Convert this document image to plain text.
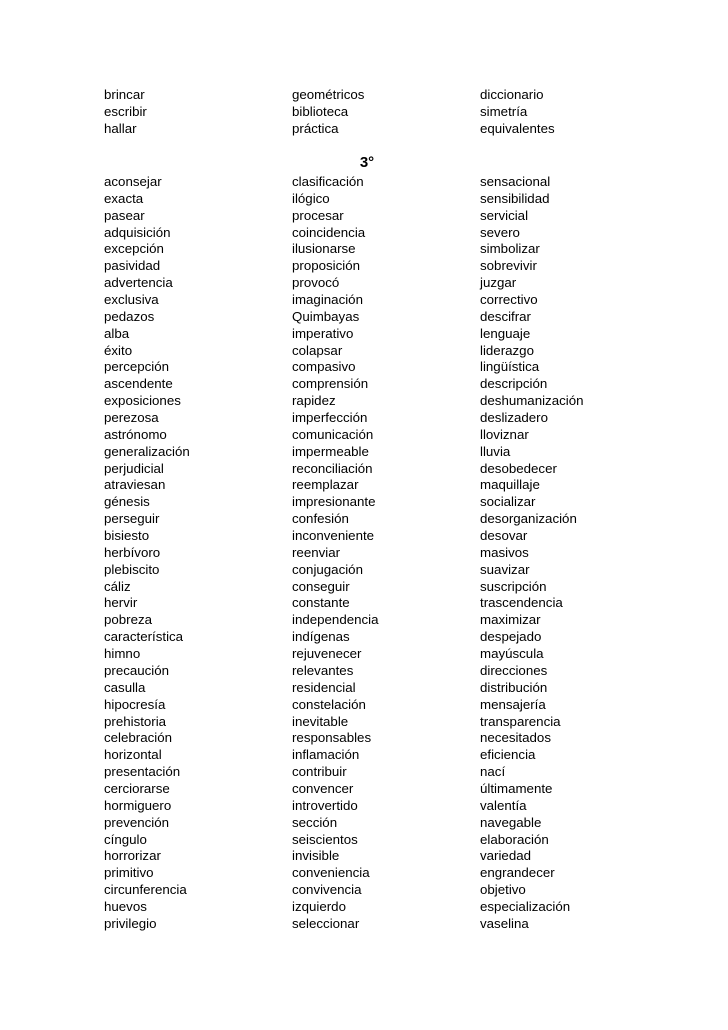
brincar	geométricos	diccionario
escribir	biblioteca	simetría
hallar	práctica	equivalentes
3°
aconsejar	clasificación	sensacional
exacta	ilógico	sensibilidad
pasear	procesar	servicial
adquisición	coincidencia	severo
excepción	ilusionarse	simbolizar
pasividad	proposición	sobrevivir
advertencia	provocó	juzgar
exclusiva	imaginación	correctivo
pedazos	Quimbayas	descifrar
alba	imperativo	lenguaje
éxito	colapsar	liderazgo
percepción	compasivo	lingüística
ascendente	comprensión	descripción
exposiciones	rapidez	deshumanización
perezosa	imperfección	deslizadero
astrónomo	comunicación	lloviznar
generalización	impermeable	lluvia
perjudicial	reconciliación	desobedecer
atraviesan	reemplazar	maquillaje
génesis	impresionante	socializar
perseguir	confesión	desorganización
bisiesto	inconveniente	desovar
herbívoro	reenviar	masivos
plebiscito	conjugación	suavizar
cáliz	conseguir	suscripción
hervir	constante	trascendencia
pobreza	independencia	maximizar
característica	indígenas	despejado
himno	rejuvenecer	mayúscula
precaución	relevantes	direcciones
casulla	residencial	distribución
hipocresía	constelación	mensajería
prehistoria	inevitable	transparencia
celebración	responsables	necesitados
horizontal	inflamación	eficiencia
presentación	contribuir	nací
cerciorarse	convencer	últimamente
hormiguero	introvertido	valentía
prevención	sección	navegable
cíngulo	seiscientos	elaboración
horrorizar	invisible	variedad
primitivo	conveniencia	engrandecer
circunferencia	convivencia	objetivo
huevos	izquierdo	especialización
privilegio	seleccionar	vaselina
